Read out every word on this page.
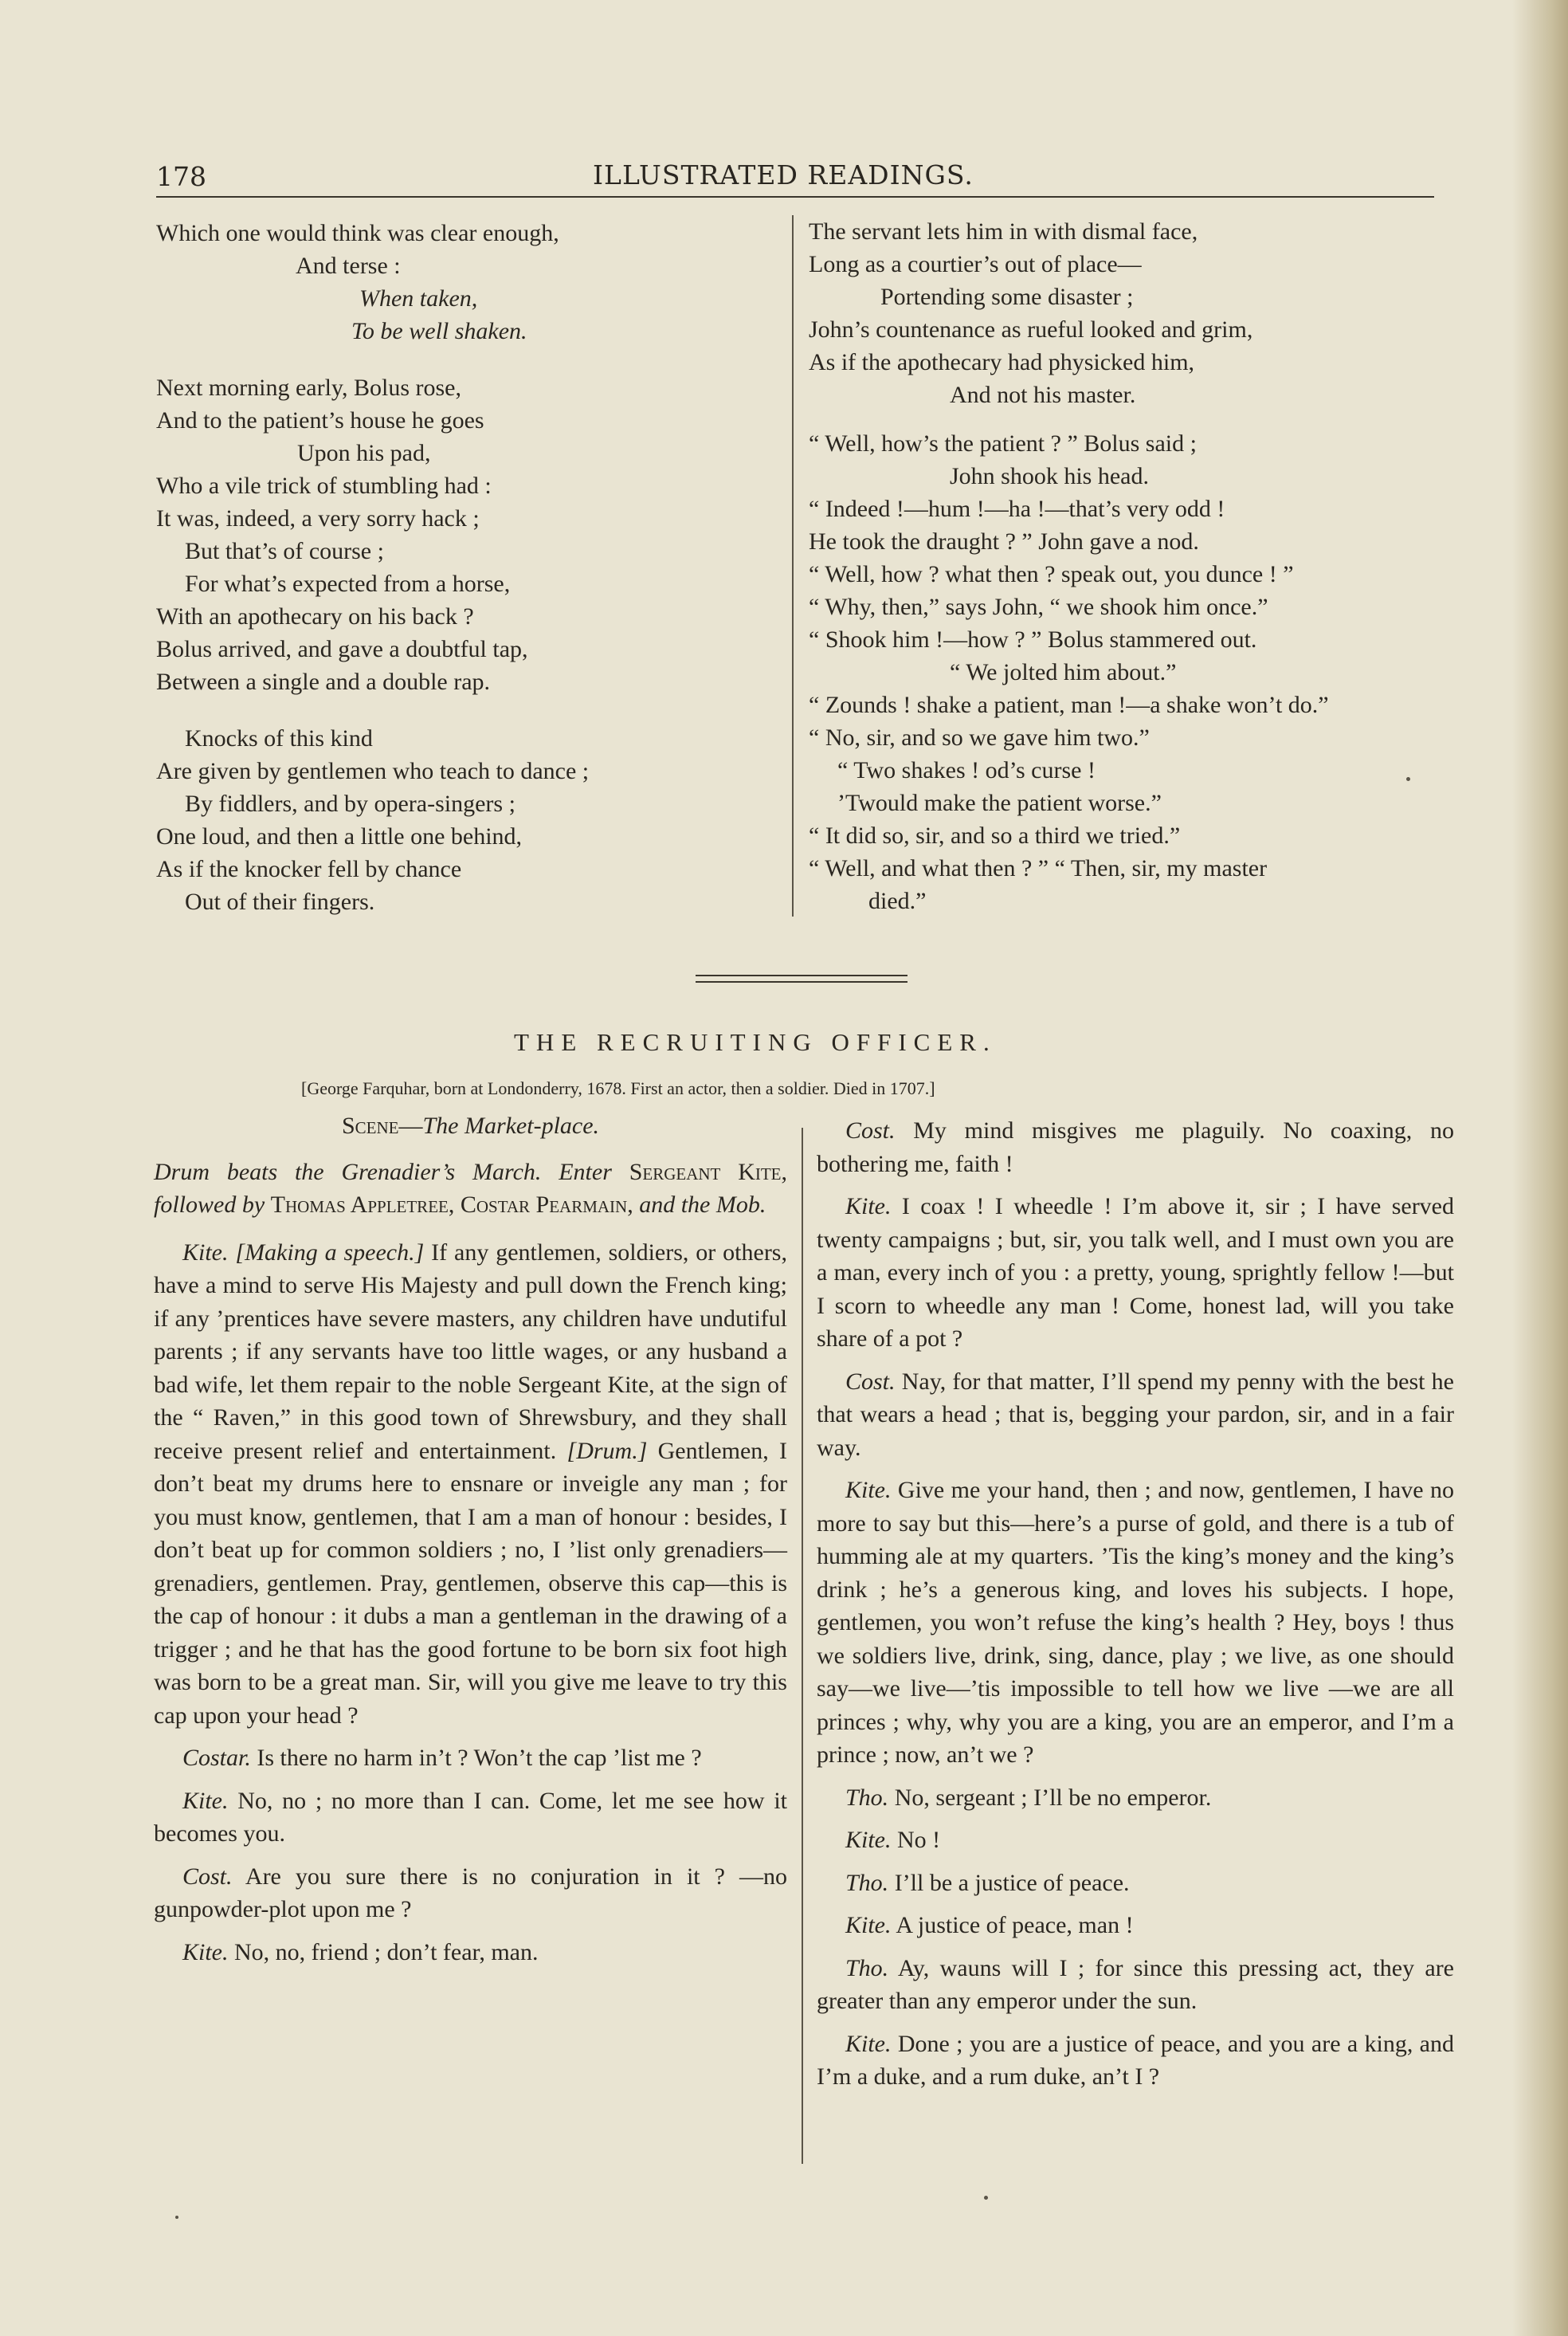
178	ILLUSTRATED READINGS.
Which one would think was clear enough,
And terse :
When taken,
To be well shaken.
Next morning early, Bolus rose,
And to the patient’s house he goes
Upon his pad,
Who a vile trick of stumbling had :
It was, indeed, a very sorry hack ;
But that’s of course ;
For what’s expected from a horse,
With an apothecary on his back ?
Bolus arrived, and gave a doubtful tap,
Between a single and a double rap.
Knocks of this kind
Are given by gentlemen who teach to dance ;
By fiddlers, and by opera-singers ;
One loud, and then a little one behind,
As if the knocker fell by chance
Out of their fingers.
The servant lets him in with dismal face,
Long as a courtier’s out of place—
Portending some disaster ;
John’s countenance as rueful looked and grim,
As if the apothecary had physicked him,
And not his master.
“ Well, how’s the patient ? ” Bolus said ;
John shook his head.
“ Indeed !—hum !—ha !—that’s very odd !
He took the draught ? ” John gave a nod.
“ Well, how ? what then ? speak out, you dunce ! ”
“ Why, then,” says John, “ we shook him once.”
“ Shook him !—how ? ” Bolus stammered out.
“ We jolted him about.”
“ Zounds ! shake a patient, man !—a shake won’t do.”
“ No, sir, and so we gave him two.”
“ Two shakes ! od’s curse !
’Twould make the patient worse.”
“ It did so, sir, and so a third we tried.”
“ Well, and what then ? ” “ Then, sir, my master
died.”
THE RECRUITING OFFICER.
[George Farquhar, born at Londonderry, 1678. First an actor, then a soldier. Died in 1707.]

Scene—The Market-place.

Drum beats the Grenadier’s March. Enter Sergeant Kite, followed by Thomas Appletree, Costar Pearmain, and the Mob.

Kite. [Making a speech.] If any gentlemen, soldiers, or others, have a mind to serve His Majesty and pull down the French king; if any ’prentices have severe masters, any children have undutiful parents ; if any servants have too little wages, or any husband a bad wife, let them repair to the noble Sergeant Kite, at the sign of the “ Raven,” in this good town of Shrewsbury, and they shall receive present relief and entertainment. [Drum.] Gentlemen, I don’t beat my drums here to ensnare or inveigle any man ; for you must know, gentlemen, that I am a man of honour : besides, I don’t beat up for common soldiers ; no, I ’list only grenadiers—grenadiers, gentlemen. Pray, gentlemen, observe this cap—this is the cap of honour : it dubs a man a gentleman in the drawing of a trigger ; and he that has the good fortune to be born six foot high was born to be a great man. Sir, will you give me leave to try this cap upon your head ?

Costar. Is there no harm in’t ? Won’t the cap ’list me ?

Kite. No, no ; no more than I can. Come, let me see how it becomes you.

Cost. Are you sure there is no conjuration in it ? —no gunpowder-plot upon me ?

Kite. No, no, friend ; don’t fear, man.

Cost. My mind misgives me plaguily. No coaxing, no bothering me, faith !

Kite. I coax ! I wheedle ! I’m above it, sir ; I have served twenty campaigns ; but, sir, you talk well, and I must own you are a man, every inch of you : a pretty, young, sprightly fellow !—but I scorn to wheedle any man ! Come, honest lad, will you take share of a pot ?

Cost. Nay, for that matter, I’ll spend my penny with the best he that wears a head ; that is, begging your pardon, sir, and in a fair way.

Kite. Give me your hand, then ; and now, gentlemen, I have no more to say but this—here’s a purse of gold, and there is a tub of humming ale at my quarters. ’Tis the king’s money and the king’s drink ; he’s a generous king, and loves his subjects. I hope, gentlemen, you won’t refuse the king’s health ? Hey, boys ! thus we soldiers live, drink, sing, dance, play ; we live, as one should say—we live—’tis impossible to tell how we live —we are all princes ; why, why you are a king, you are an emperor, and I’m a prince ; now, an’t we ?

Tho. No, sergeant ; I’ll be no emperor.

Kite. No !

Tho. I’ll be a justice of peace.

Kite. A justice of peace, man !

Tho. Ay, wauns will I ; for since this pressing act, they are greater than any emperor under the sun.

Kite. Done ; you are a justice of peace, and you are a king, and I’m a duke, and a rum duke, an’t I ?
